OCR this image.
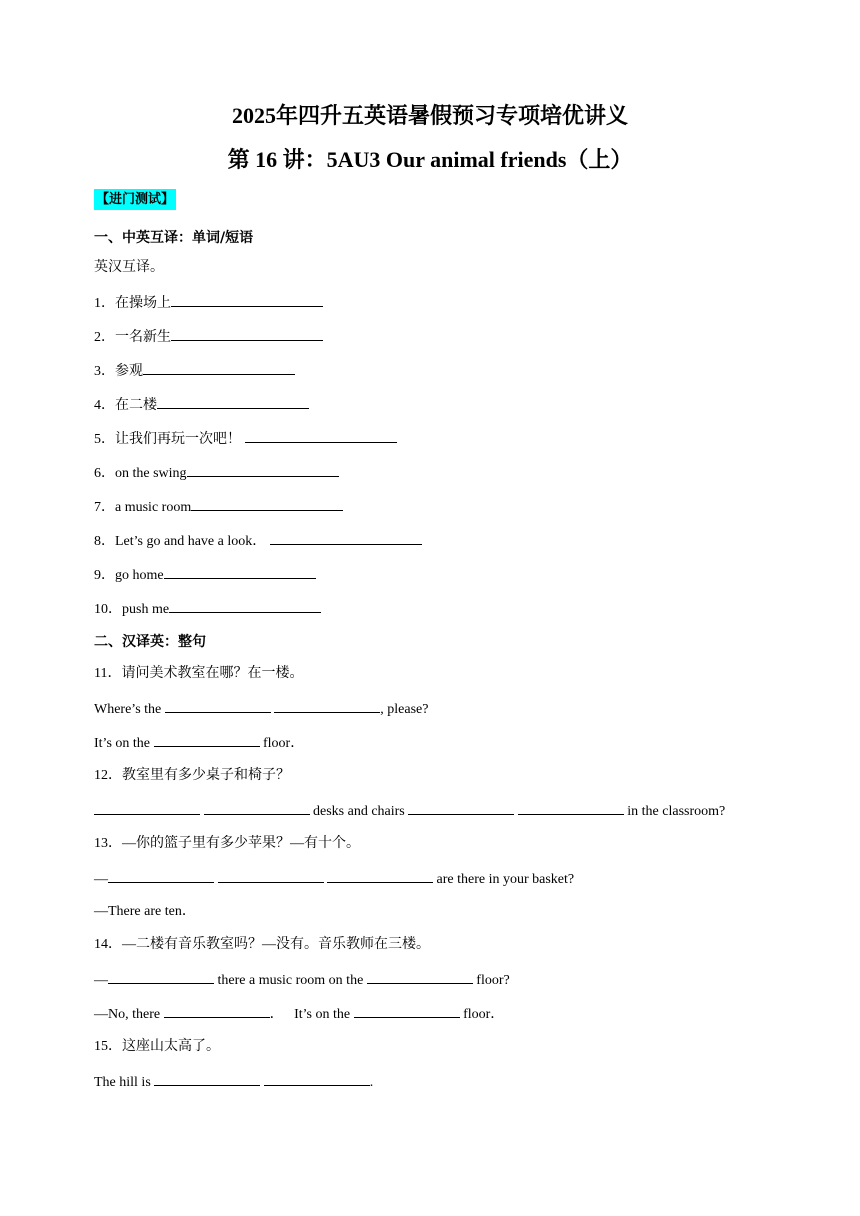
2025年四升五英语暑假预习专项培优讲义
第 16 讲：5AU3 Our animal friends（上）
【进门测试】
一、中英互译：单词/短语
英汉互译。
1．在操场上
2．一名新生
3．参观
4．在二楼
5．让我们再玩一次吧！
6．on the swing
7．a music room
8．Let’s go and have a look．
9．go home
10．push me
二、汉译英：整句
11．请问美术教室在哪？在一楼。
Where’s the	, please?
It’s on the	floor．
12．教室里有多少桌子和椅子？
desks and chairs	in the classroom?
13．—你的篮子里有多少苹果？—有十个。
—	are there in your basket?
—There are ten．
14．—二楼有音乐教室吗？—没有。音乐教师在三楼。
—	there a music room on the	floor?
—No, there	．   It’s on the	floor．
15．这座山太高了。
The hill is	.
